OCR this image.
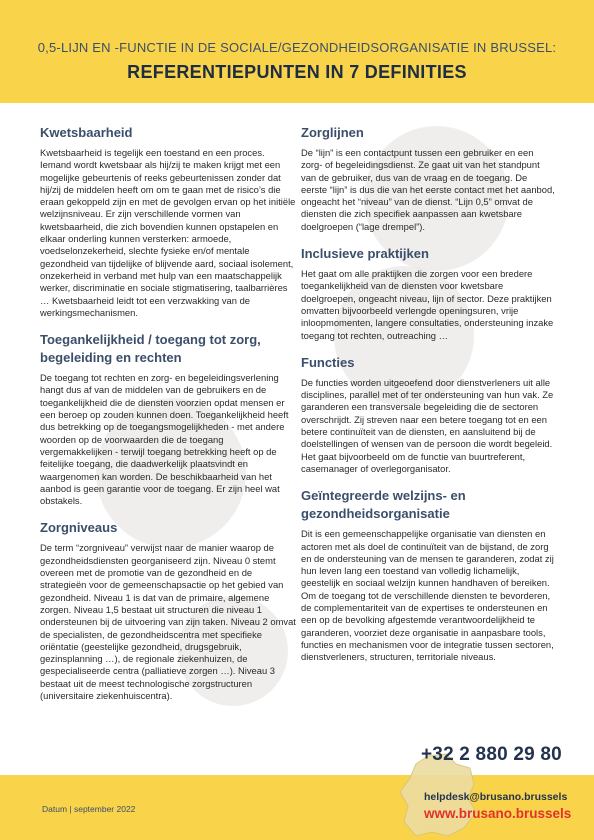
0,5-LIJN EN -FUNCTIE IN DE SOCIALE/GEZONDHEIDSORGANISATIE IN BRUSSEL:
REFERENTIEPUNTEN IN 7 DEFINITIES
Kwetsbaarheid

Kwetsbaarheid is tegelijk een toestand en een proces. Iemand wordt kwetsbaar als hij/zij te maken krijgt met een mogelijke gebeurtenis of reeks gebeurtenissen zonder dat hij/zij de middelen heeft om om te gaan met de risico’s die eraan gekoppeld zijn en met de gevolgen ervan op het initiële welzijnsniveau. Er zijn verschillende vormen van kwetsbaarheid, die zich bovendien kunnen opstapelen en elkaar onderling kunnen versterken: armoede, voedselonzekerheid, slechte fysieke en/of mentale gezondheid van tijdelijke of blijvende aard, sociaal isolement, onzekerheid in verband met hulp van een maatschappelijk werker, discriminatie en sociale stigmatisering, taalbarrières … Kwetsbaarheid leidt tot een verzwakking van de werkingsmechanismen.

Toegankelijkheid / toegang tot zorg, begeleiding en rechten

De toegang tot rechten en zorg- en begeleidingsverlening hangt dus af van de middelen van de gebruikers en de toegankelijkheid die de diensten voorzien opdat mensen er een beroep op zouden kunnen doen. Toegankelijkheid heeft dus betrekking op de toegangsmogelijkheden - met andere woorden op de voorwaarden die de toegang vergemakkelijken - terwijl toegang betrekking heeft op de feitelijke toegang, die daadwerkelijk plaatsvindt en waargenomen kan worden. De beschikbaarheid van het aanbod is geen garantie voor de toegang. Er zijn heel wat obstakels.

Zorgniveaus

De term “zorgniveau” verwijst naar de manier waarop de gezondheidsdiensten georganiseerd zijn. Niveau 0 stemt overeen met de promotie van de gezondheid en de strategieën voor de gemeenschapsactie op het gebied van gezondheid. Niveau 1 is dat van de primaire, algemene zorgen. Niveau 1,5 bestaat uit structuren die niveau 1 ondersteunen bij de uitvoering van zijn taken. Niveau 2 omvat de specialisten, de gezondheidscentra met specifieke oriëntatie (geestelijke gezondheid, drugsgebruik, gezinsplanning …), de regionale ziekenhuizen, de gespecialiseerde centra (palliatieve zorgen …). Niveau 3 bestaat uit de meest technologische zorgstructuren (universitaire ziekenhuiscentra).

Zorglijnen

De “lijn” is een contactpunt tussen een gebruiker en een zorg- of begeleidingsdienst. Ze gaat uit van het standpunt van de gebruiker, dus van de vraag en de toegang. De eerste “lijn” is dus die van het eerste contact met het aanbod, ongeacht het “niveau” van de dienst. “Lijn 0,5” omvat de diensten die zich specifiek aanpassen aan kwetsbare doelgroepen (“lage drempel”).

Inclusieve praktijken

Het gaat om alle praktijken die zorgen voor een bredere toegankelijkheid van de diensten voor kwetsbare doelgroepen, ongeacht niveau, lijn of sector. Deze praktijken omvatten bijvoorbeeld verlengde openingsuren, vrije inloopmomenten, langere consultaties, ondersteuning inzake toegang tot rechten, outreaching …

Functies

De functies worden uitgeoefend door dienstverleners uit alle disciplines, parallel met of ter ondersteuning van hun vak. Ze garanderen een transversale begeleiding die de sectoren overschrijdt. Zij streven naar een betere toegang tot en een betere continuïteit van de diensten, en aansluitend bij de doelstellingen of wensen van de persoon die wordt begeleid. Het gaat bijvoorbeeld om de functie van buurtreferent, casemanager of overlegorganisator.

Geïntegreerde welzijns- en gezondheidsorganisatie

Dit is een gemeenschappelijke organisatie van diensten en actoren met als doel de continuïteit van de bijstand, de zorg en de ondersteuning van de mensen te garanderen, zodat zij hun leven lang een toestand van volledig lichamelijk, geestelijk en sociaal welzijn kunnen handhaven of bereiken. Om de toegang tot de verschillende diensten te bevorderen, de complementariteit van de expertises te ondersteunen en een op de bevolking afgestemde verantwoordelijkheid te garanderen, voorziet deze organisatie in aanpasbare tools, functies en mechanismen voor de integratie tussen sectoren, dienstverleners, structuren, territoriale niveaus.

Datum | september 2022
+32 2 880 29 80
helpdesk@brusano.brussels
www.brusano.brussels
